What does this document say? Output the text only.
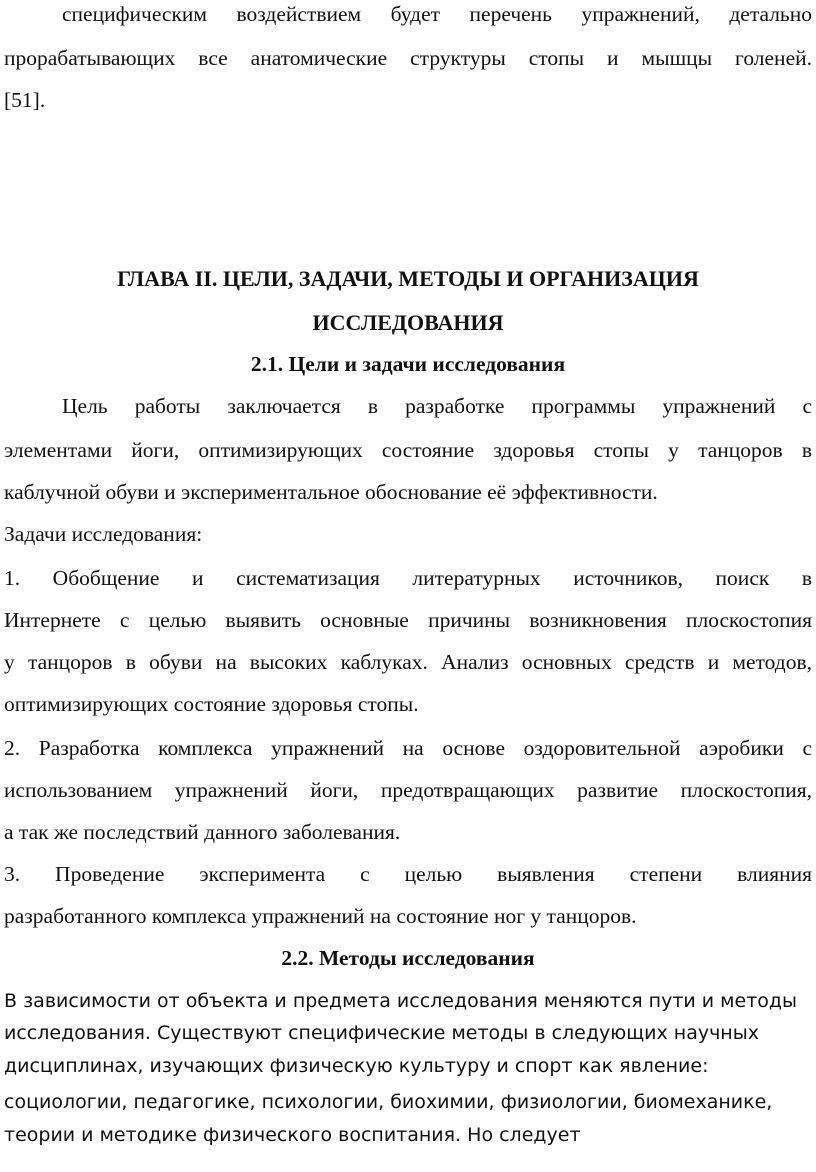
специфическим воздействием будет перечень упражнений, детально
прорабатывающих все анатомические структуры стопы и мышцы голеней.
[51].
ГЛАВА II. ЦЕЛИ, ЗАДАЧИ, МЕТОДЫ И ОРГАНИЗАЦИЯ
ИССЛЕДОВАНИЯ
2.1. Цели и задачи исследования
Цель работы заключается в разработке программы упражнений с
элементами йоги, оптимизирующих состояние здоровья стопы у танцоров в
каблучной обуви и экспериментальное обоснование её эффективности.
Задачи исследования:
1. Обобщение и систематизация литературных источников, поиск в
Интернете с целью выявить основные причины возникновения плоскостопия
у танцоров в обуви на высоких каблуках. Анализ основных средств и методов,
оптимизирующих состояние здоровья стопы.
2. Разработка комплекса упражнений на основе оздоровительной аэробики с
использованием упражнений йоги, предотвращающих развитие плоскостопия,
а так же последствий данного заболевания.
3. Проведение эксперимента с целью выявления степени влияния
разработанного комплекса упражнений на состояние ног у танцоров.
2.2. Методы исследования
В зависимости от объекта и предмета исследования меняются пути и методы
исследования. Существуют специфические методы в следующих научных
дисциплинах, изучающих физическую культуру и спорт как явление:
социологии, педагогике, психологии, биохимии, физиологии, биомеханике,
теории и методике физического воспитания. Но следует
